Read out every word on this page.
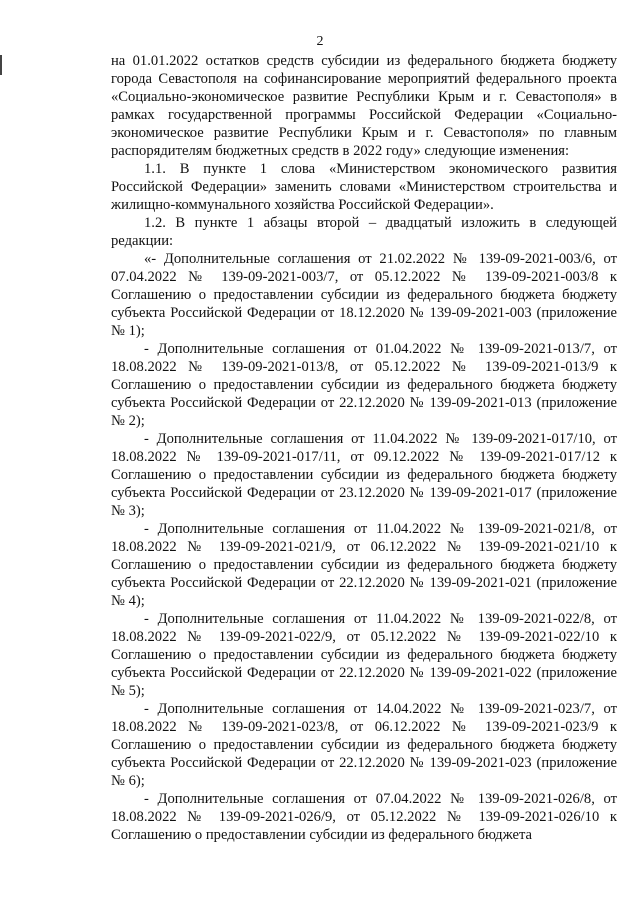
2

на 01.01.2022 остатков средств субсидии из федерального бюджета бюджету города Севастополя на софинансирование мероприятий федерального проекта «Социально-экономическое развитие Республики Крым и г. Севастополя» в рамках государственной программы Российской Федерации «Социально-экономическое развитие Республики Крым и г. Севастополя» по главным распорядителям бюджетных средств в 2022 году» следующие изменения:

1.1. В пункте 1 слова «Министерством экономического развития Российской Федерации» заменить словами «Министерством строительства и жилищно-коммунального хозяйства Российской Федерации».

1.2. В пункте 1 абзацы второй – двадцатый изложить в следующей редакции:

«- Дополнительные соглашения от 21.02.2022 № 139-09-2021-003/6, от 07.04.2022 № 139-09-2021-003/7, от 05.12.2022 № 139-09-2021-003/8 к Соглашению о предоставлении субсидии из федерального бюджета бюджету субъекта Российской Федерации от 18.12.2020 № 139-09-2021-003 (приложение № 1);

- Дополнительные соглашения от 01.04.2022 № 139-09-2021-013/7, от 18.08.2022 № 139-09-2021-013/8, от 05.12.2022 № 139-09-2021-013/9 к Соглашению о предоставлении субсидии из федерального бюджета бюджету субъекта Российской Федерации от 22.12.2020 № 139-09-2021-013 (приложение № 2);

- Дополнительные соглашения от 11.04.2022 № 139-09-2021-017/10, от 18.08.2022 № 139-09-2021-017/11, от 09.12.2022 № 139-09-2021-017/12 к Соглашению о предоставлении субсидии из федерального бюджета бюджету субъекта Российской Федерации от 23.12.2020 № 139-09-2021-017 (приложение № 3);

- Дополнительные соглашения от 11.04.2022 № 139-09-2021-021/8, от 18.08.2022 № 139-09-2021-021/9, от 06.12.2022 № 139-09-2021-021/10 к Соглашению о предоставлении субсидии из федерального бюджета бюджету субъекта Российской Федерации от 22.12.2020 № 139-09-2021-021 (приложение № 4);

- Дополнительные соглашения от 11.04.2022 № 139-09-2021-022/8, от 18.08.2022 № 139-09-2021-022/9, от 05.12.2022 № 139-09-2021-022/10 к Соглашению о предоставлении субсидии из федерального бюджета бюджету субъекта Российской Федерации от 22.12.2020 № 139-09-2021-022 (приложение № 5);

- Дополнительные соглашения от 14.04.2022 № 139-09-2021-023/7, от 18.08.2022 № 139-09-2021-023/8, от 06.12.2022 № 139-09-2021-023/9 к Соглашению о предоставлении субсидии из федерального бюджета бюджету субъекта Российской Федерации от 22.12.2020 № 139-09-2021-023 (приложение № 6);

- Дополнительные соглашения от 07.04.2022 № 139-09-2021-026/8, от 18.08.2022 № 139-09-2021-026/9, от 05.12.2022 № 139-09-2021-026/10 к Соглашению о предоставлении субсидии из федерального бюджета
